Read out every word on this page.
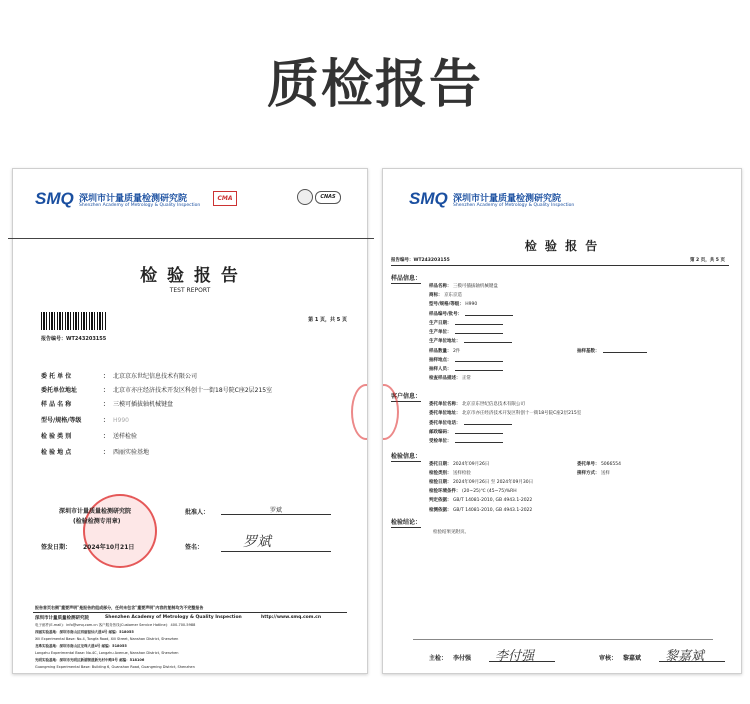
质检报告
SMQ 深圳市计量质量检测研究院
Shenzhen Academy of Metrology & Quality Inspection
CMA	CNAS
检 验 报 告
TEST REPORT
报告编号：WT243203155
第 1 页，共 5 页
委 托 单 位	： 北京京东世纪信息技术有限公司
委托单位地址	： 北京市亦庄经济技术开发区科创十一街18号院C座2层215室
样 品 名 称	： 三模可插拔轴机械键盘
型号/规格/等级	： H990
检 验 类 别	： 送样检验
检 验 地 点	： 西丽实验基地
深圳市计量质量检测研究院
(检验检测专用章)
批准人：	罗斌
签发日期： 2024年10月21日	签名：	罗斌
报告首页右侧"重要声明"是报告的组成部分，任何未包含"重要声明"内容的复制均为不完整报告
深圳市计量质量检测研究院	Shenzhen Academy of Metrology & Quality Inspection	http://www.smq.com.cn
电子邮件(E-mail)：info@smq.com.cn 客户服务热线(Customer Service Hotline)：400-700-5988
西丽实验基地：深圳市南山区西丽留仙大道4号 邮编：518055
Xili Experimental Base: No.4, Tongfa Road, Xili Street, Nanshan District, Shenzhen
龙珠实验基地：深圳市南山区龙珠大道4号 邮编：518055
Longzhu Experimental Base: No.4C, Longzhu Avenue, Nanshan District, Shenzhen
光明实验基地：深圳市光明区新湖街道新光村中路5号 邮编：518106
Guangming Experimental Base: Building 6, Guanshan Road, Guangming District, Shenzhen
SMQ 深圳市计量质量检测研究院
Shenzhen Academy of Metrology & Quality Inspection
检 验 报 告
报告编号：WT243203155	第 2 页，共 5 页
样品信息：
样品名称： 三模可插拔轴机械键盘
商标： 京东京造
型号/规格/等级： H990
样品编号/批号：
生产日期：
生产单位：
生产单位地址：
样品数量： 2件
抽样地点：
抽样人员：
检查样品描述： 正常
抽样基数：
客户信息：
委托单位名称： 北京京东世纪信息技术有限公司
委托单位地址： 北京市亦庄经济技术开发区科创十一街18号院C座2层215室
委托单位电话：
邮政编码：
受检单位：
检验信息：
委托日期： 2024年09月26日
检验类别： 送样检验
检验日期： 2024年09月26日 至 2024年09月30日
检验环境条件： (20~25)℃ (45~75)%RH
判定依据： GB/T 14081-2010, GB 4943.1-2022
检测依据： GB/T 14081-2010, GB 4943.1-2022
委托单号： 5066554
接样方式： 送样
检验结论：
检验结果见附页。
主检： 李付强 李付强	审核： 黎嘉斌 黎嘉斌
